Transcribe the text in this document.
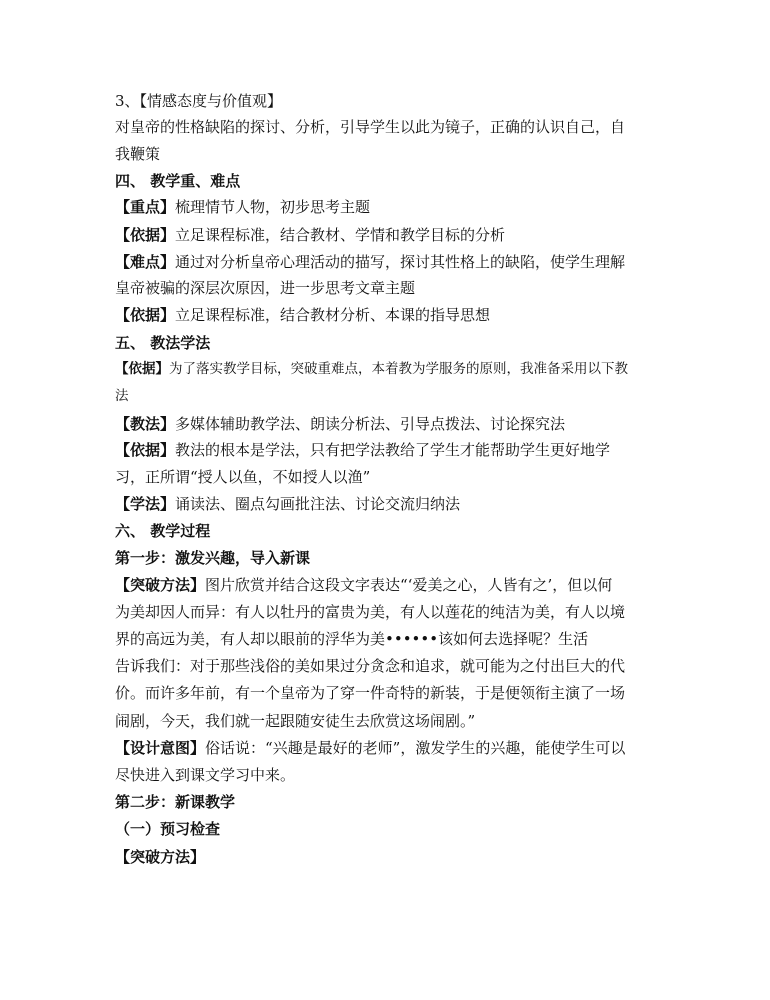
3、【情感态度与价值观】
对皇帝的性格缺陷的探讨、分析，引导学生以此为镜子，正确的认识自己，自
我鞭策
四、 教学重、难点
【重点】梳理情节人物，初步思考主题
【依据】立足课程标准，结合教材、学情和教学目标的分析
【难点】通过对分析皇帝心理活动的描写，探讨其性格上的缺陷，使学生理解
皇帝被骗的深层次原因，进一步思考文章主题
【依据】立足课程标准，结合教材分析、本课的指导思想
五、 教法学法
【依据】为了落实教学目标，突破重难点，本着教为学服务的原则，我准备采用以下教
法
【教法】多媒体辅助教学法、朗读分析法、引导点拨法、讨论探究法
【依据】教法的根本是学法，只有把学法教给了学生才能帮助学生更好地学
习，正所谓“授人以鱼，不如授人以渔”
【学法】诵读法、圈点勾画批注法、讨论交流归纳法
六、 教学过程
第一步：激发兴趣，导入新课
【突破方法】图片欣赏并结合这段文字表达“‘爱美之心，人皆有之’，但以何
为美却因人而异：有人以牡丹的富贵为美，有人以莲花的纯洁为美，有人以境
界的高远为美，有人却以眼前的浮华为美••••••该如何去选择呢？生活
告诉我们：对于那些浅俗的美如果过分贪念和追求，就可能为之付出巨大的代
价。而许多年前，有一个皇帝为了穿一件奇特的新装，于是便领衔主演了一场
闹剧，今天，我们就一起跟随安徒生去欣赏这场闹剧。”
【设计意图】俗话说：“兴趣是最好的老师”，激发学生的兴趣，能使学生可以
尽快进入到课文学习中来。
第二步：新课教学
（一）预习检查
【突破方法】
